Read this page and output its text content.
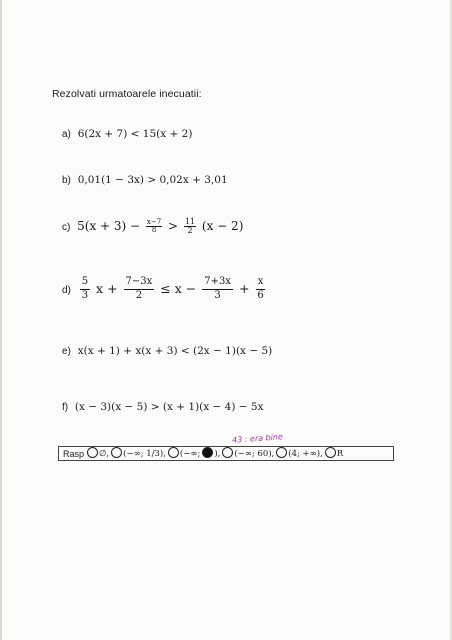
Rezolvati urmatoarele inecuatii:
a) 6(2x + 7) < 15(x + 2)
b) 0,01(1 − 3x) > 0,02x + 3,01
c) $5(x + 3) - \frac{x-7}{8} > \frac{11}{2} (x - 2)$
$d) \frac{5}{3}$ $x + \frac{7-3x}{2} \le x - \frac{7+3x}{3} + \frac{x}{6}$
e) x(x + 1) + x(x + 3) < (2x − 1)(x − 5)
f) (x − 3)(x − 5) > (x + 1)(x − 4) − 5x
43 : era bine
Rasp ○ ∅, ○ (−∞; 1/3), ○ (−∞; ), ○ (−∞; 60), ○ (4; +∞), ○ R
